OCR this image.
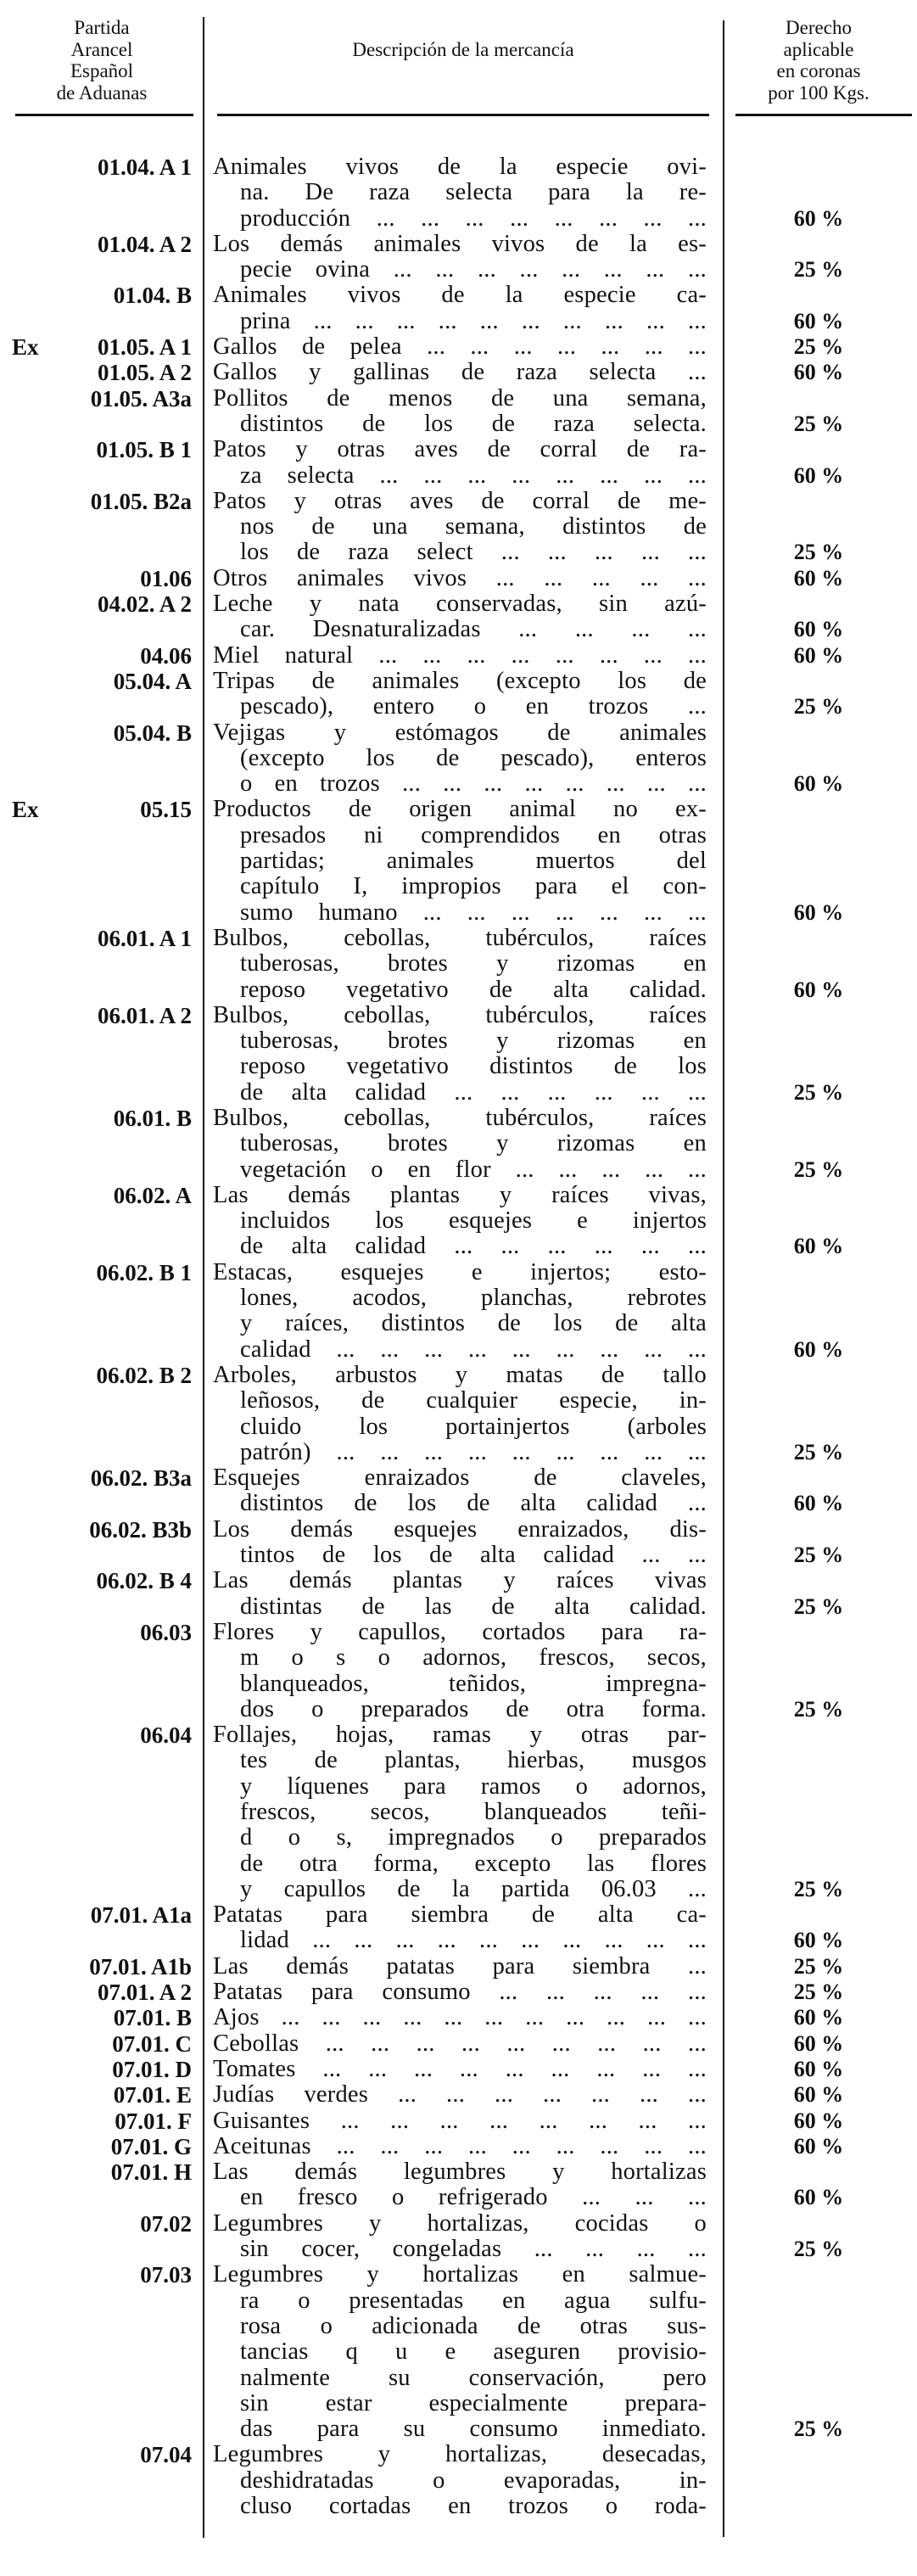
Partida
Arancel
Español
de Aduanas
Descripción de la mercancía
Derecho
aplicable
en coronas
por 100 Kgs.
01.04. A 1 Animales vivos de la especie ovi-
na. De raza selecta para la re-
producción ... ... ... ... ... ... ... ...	60 %
01.04. A 2 Los demás animales vivos de la es-
pecie ovina ... ... ... ... ... ... ... ...	25 %
01.04. B Animales vivos de la especie ca-
prina ... ... ... ... ... ... ... ... ... ...	60 %
Ex	01.05. A 1 Gallos de pelea ... ... ... ... ... ... ...	25 %
01.05. A 2 Gallos y gallinas de raza selecta ...	60 %
01.05. A3a Pollitos de menos de una semana,
distintos de los de raza selecta.	25 %
01.05. B 1 Patos y otras aves de corral de ra-
za selecta ... ... ... ... ... ... ... ...	60 %
01.05. B2a Patos y otras aves de corral de me-
nos de una semana, distintos de
los de raza select ... ... ... ... ...	25 %
01.06 Otros animales vivos ... ... ... ... ...	60 %
04.02. A 2 Leche y nata conservadas, sin azú-
car. Desnaturalizadas ... ... ... ...	60 %
04.06 Miel natural ... ... ... ... ... ... ... ...	60 %
05.04. A Tripas de animales (excepto los de
pescado), entero o en trozos ...	25 %
05.04. B Vejigas y estómagos de animales
(excepto los de pescado), enteros
o en trozos ... ... ... ... ... ... ... ...	60 %
Ex	05.15 Productos de origen animal no ex-
presados ni comprendidos en otras
partidas; animales muertos del
capítulo I, impropios para el con-
sumo humano ... ... ... ... ... ... ...	60 %
06.01. A 1 Bulbos, cebollas, tubérculos, raíces
tuberosas, brotes y rizomas en
reposo vegetativo de alta calidad.	60 %
06.01. A 2 Bulbos, cebollas, tubérculos, raíces
tuberosas, brotes y rizomas en
reposo vegetativo distintos de los
de alta calidad ... ... ... ... ... ...	25 %
06.01. B Bulbos, cebollas, tubérculos, raíces
tuberosas, brotes y rizomas en
vegetación o en flor ... ... ... ... ...	25 %
06.02. A Las demás plantas y raíces vivas,
incluidos los esquejes e injertos
de alta calidad ... ... ... ... ... ...	60 %
06.02. B 1 Estacas, esquejes e injertos; esto-
lones, acodos, planchas, rebrotes
y raíces, distintos de los de alta
calidad ... ... ... ... ... ... ... ... ...	60 %
06.02. B 2 Arboles, arbustos y matas de tallo
leñosos, de cualquier especie, in-
cluido los portainjertos (arboles
patrón) ... ... ... ... ... ... ... ... ...	25 %
06.02. B3a Esquejes enraizados de claveles,
distintos de los de alta calidad ...	60 %
06.02. B3b Los demás esquejes enraizados, dis-
tintos de los de alta calidad ... ...	25 %
06.02. B 4 Las demás plantas y raíces vivas
distintas de las de alta calidad.	25 %
06.03 Flores y capullos, cortados para ra-
m o s o adornos, frescos, secos,
blanqueados, teñidos, impregna-
dos o preparados de otra forma.	25 %
06.04 Follajes, hojas, ramas y otras par-
tes de plantas, hierbas, musgos
y líquenes para ramos o adornos,
frescos, secos, blanqueados teñi-
d o s, impregnados o preparados
de otra forma, excepto las flores
y capullos de la partida 06.03 ...	25 %
07.01. A1a Patatas para siembra de alta ca-
lidad ... ... ... ... ... ... ... ... ... ...	60 %
07.01. A1b Las demás patatas para siembra ...	25 %
07.01. A 2 Patatas para consumo ... ... ... ... ...	25 %
07.01. B Ajos ... ... ... ... ... ... ... ... ... ... ...	60 %
07.01. C Cebollas ... ... ... ... ... ... ... ... ...	60 %
07.01. D Tomates ... ... ... ... ... ... ... ... ...	60 %
07.01. E Judías verdes ... ... ... ... ... ... ...	60 %
07.01. F Guisantes ... ... ... ... ... ... ... ...	60 %
07.01. G Aceitunas ... ... ... ... ... ... ... ... ...	60 %
07.01. H Las demás legumbres y hortalizas
en fresco o refrigerado ... ... ...	60 %
07.02 Legumbres y hortalizas, cocidas o
sin cocer, congeladas ... ... ... ...	25 %
07.03 Legumbres y hortalizas en salmue-
ra o presentadas en agua sulfu-
rosa o adicionada de otras sus-
tancias q u e aseguren provisio-
nalmente su conservación, pero
sin estar especialmente prepara-
das para su consumo inmediato.	25 %
07.04 Legumbres y hortalizas, desecadas,
deshidratadas o evaporadas, in-
cluso cortadas en trozos o roda-
